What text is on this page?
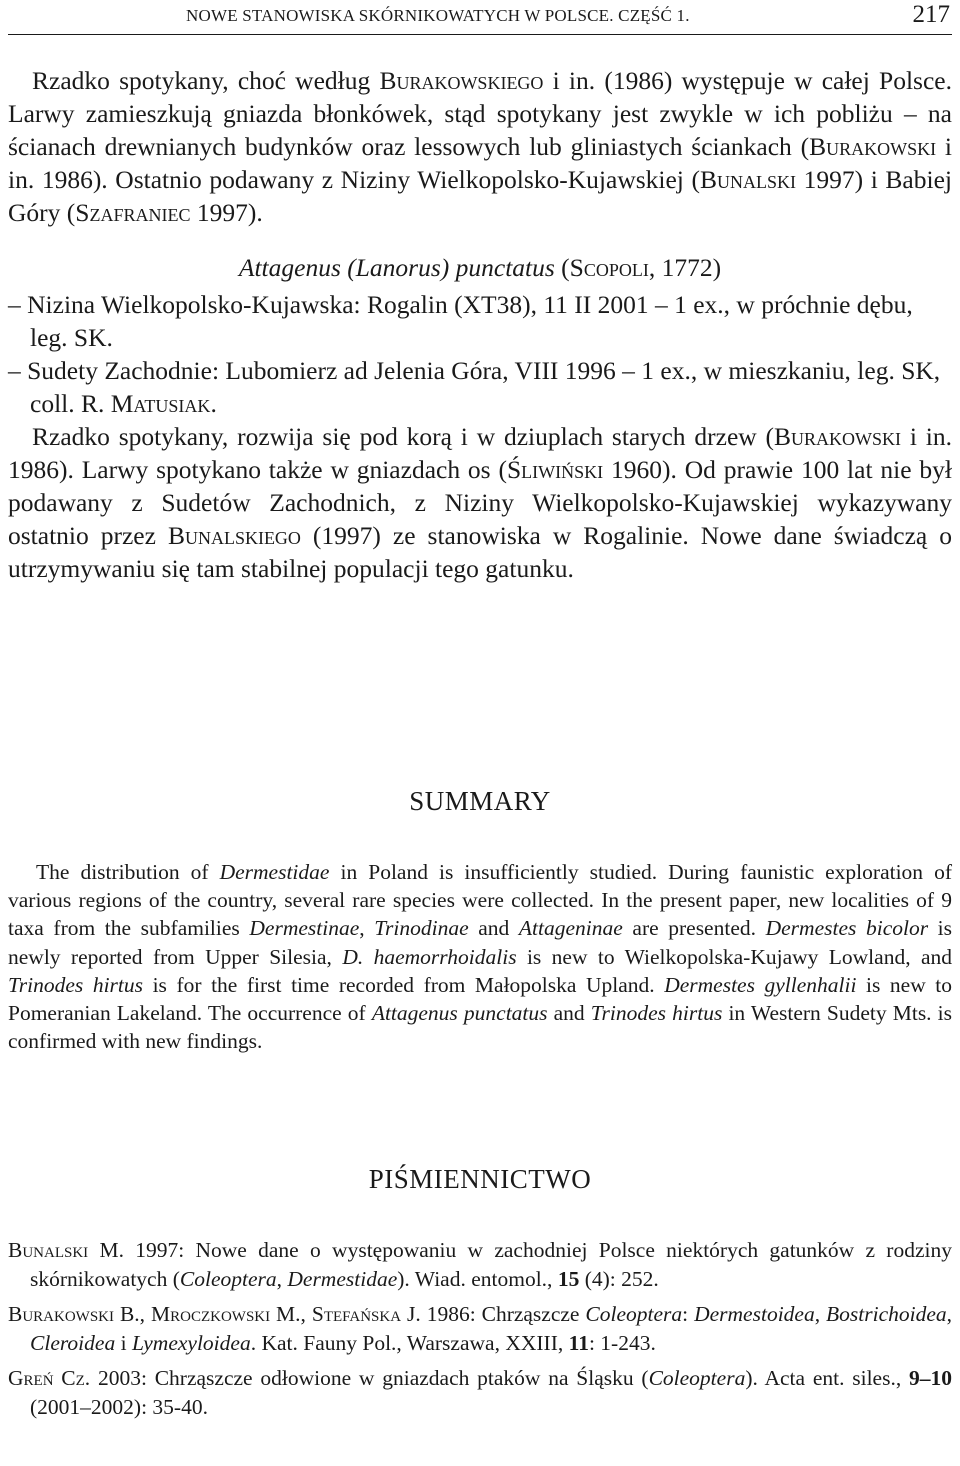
NOWE STANOWISKA SKÓRNIKOWATYCH W POLSCE. CZĘŚĆ 1.	217

Rzadko spotykany, choć według Burakowskiego i in. (1986) występuje w całej Polsce. Larwy zamieszkują gniazda błonkówek, stąd spotykany jest zwykle w ich pobliżu – na ścianach drewnianych budynków oraz lessowych lub gliniastych ściankach (Burakowski i in. 1986). Ostatnio podawany z Niziny Wielkopolsko-Kujawskiej (Bunalski 1997) i Babiej Góry (Szafraniec 1997).

Attagenus (Lanorus) punctatus (Scopoli, 1772)

– Nizina Wielkopolsko-Kujawska: Rogalin (XT38), 11 II 2001 – 1 ex., w próchnie dębu, leg. SK.

– Sudety Zachodnie: Lubomierz ad Jelenia Góra, VIII 1996 – 1 ex., w mieszkaniu, leg. SK, coll. R. Matusiak.

Rzadko spotykany, rozwija się pod korą i w dziuplach starych drzew (Burakowski i in. 1986). Larwy spotykano także w gniazdach os (Śliwiński 1960). Od prawie 100 lat nie był podawany z Sudetów Zachodnich, z Niziny Wielkopolsko-Kujawskiej wykazywany ostatnio przez Bunalskiego (1997) ze stanowiska w Rogalinie. Nowe dane świadczą o utrzymywaniu się tam stabilnej populacji tego gatunku.

SUMMARY

The distribution of Dermestidae in Poland is insufficiently studied. During faunistic exploration of various regions of the country, several rare species were collected. In the present paper, new localities of 9 taxa from the subfamilies Dermestinae, Trinodinae and Attageninae are presented. Dermestes bicolor is newly reported from Upper Silesia, D. haemorrhoidalis is new to Wielkopolska-Kujawy Lowland, and Trinodes hirtus is for the first time recorded from Małopolska Upland. Dermestes gyllenhalii is new to Pomeranian Lakeland. The occurrence of Attagenus punctatus and Trinodes hirtus in Western Sudety Mts. is confirmed with new findings.

PIŚMIENNICTWO

Bunalski M. 1997: Nowe dane o występowaniu w zachodniej Polsce niektórych gatunków z rodziny skórnikowatych (Coleoptera, Dermestidae). Wiad. entomol., 15 (4): 252.

Burakowski B., Mroczkowski M., Stefańska J. 1986: Chrząszcze Coleoptera: Dermestoidea, Bostrichoidea, Cleroidea i Lymexyloidea. Kat. Fauny Pol., Warszawa, XXIII, 11: 1-243.

Greń Cz. 2003: Chrząszcze odłowione w gniazdach ptaków na Śląsku (Coleoptera). Acta ent. siles., 9–10 (2001–2002): 35-40.
